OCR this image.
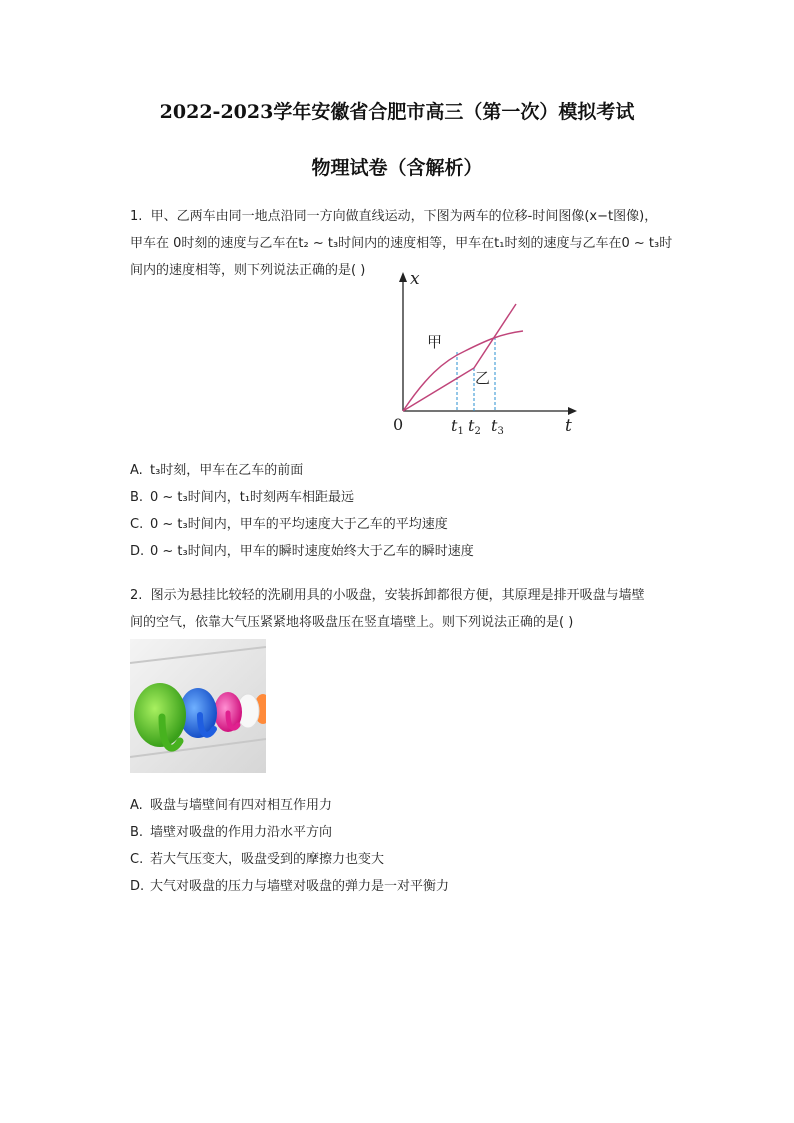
2022-2023学年安徽省合肥市高三（第一次）模拟考试
物理试卷（含解析）
1. 甲、乙两车由同一地点沿同一方向做直线运动，下图为两车的位移-时间图像(x−t图像)，
甲车在 0时刻的速度与乙车在t₂ ~ t₃时间内的速度相等，甲车在t₁时刻的速度与乙车在0 ~ t₃时
间内的速度相等，则下列说法正确的是( )	x
t
0
甲
乙
t1 t2 t3
A. t₃时刻，甲车在乙车的前面
B. 0 ~ t₃时间内，t₁时刻两车相距最远
C. 0 ~ t₃时间内，甲车的平均速度大于乙车的平均速度
D. 0 ~ t₃时间内，甲车的瞬时速度始终大于乙车的瞬时速度
2. 图示为悬挂比较轻的洗刷用具的小吸盘，安装拆卸都很方便，其原理是排开吸盘与墙壁
间的空气，依靠大气压紧紧地将吸盘压在竖直墙壁上。则下列说法正确的是( )
A. 吸盘与墙壁间有四对相互作用力
B. 墙壁对吸盘的作用力沿水平方向
C. 若大气压变大，吸盘受到的摩擦力也变大
D. 大气对吸盘的压力与墙壁对吸盘的弹力是一对平衡力
